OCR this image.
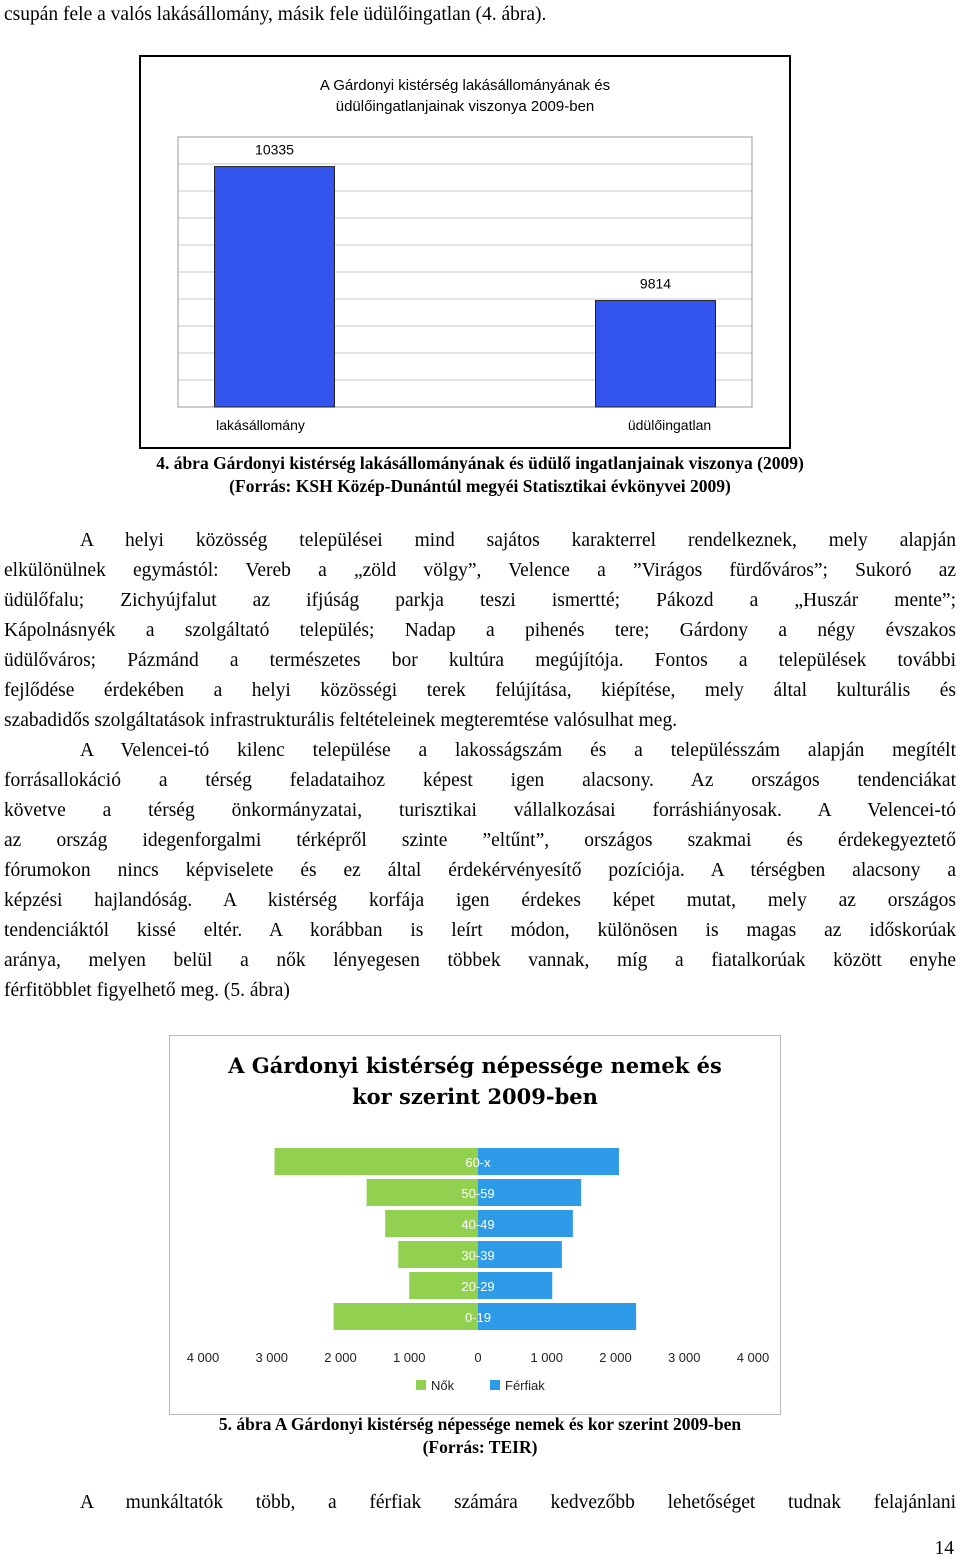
csupán fele a valós lakásállomány, másik fele üdülőingatlan (4. ábra).
A Gárdonyi kistérség lakásállományának és
üdülőingatlanjainak viszonya 2009-ben
10335
lakásállomány
9814
üdülőingatlan
4. ábra Gárdonyi kistérség lakásállományának és üdülő ingatlanjainak viszonya (2009)
(Forrás: KSH Közép-Dunántúl megyéi Statisztikai évkönyvei 2009)
A helyi közösség települései mind sajátos karakterrel rendelkeznek, mely alapján
elkülönülnek egymástól: Vereb a „zöld völgy”, Velence a ”Virágos fürdőváros”; Sukoró az
üdülőfalu; Zichyújfalut az ifjúság parkja teszi ismertté; Pákozd a „Huszár mente”;
Kápolnásnyék a szolgáltató település; Nadap a pihenés tere; Gárdony a négy évszakos
üdülőváros; Pázmánd a természetes bor kultúra megújítója. Fontos a települések további
fejlődése érdekében a helyi közösségi terek felújítása, kiépítése, mely által kulturális és
szabadidős szolgáltatások infrastrukturális feltételeinek megteremtése valósulhat meg.
A Velencei-tó kilenc települése a lakosságszám és a településszám alapján megítélt
forrásallokáció a térség feladataihoz képest igen alacsony. Az országos tendenciákat
követve a térség önkormányzatai, turisztikai vállalkozásai forráshiányosak. A Velencei-tó
az ország idegenforgalmi térképről szinte ”eltűnt”, országos szakmai és érdekegyeztető
fórumokon nincs képviselete és ez által érdekérvényesítő pozíciója. A térségben alacsony a
képzési hajlandóság. A kistérség korfája igen érdekes képet mutat, mely az országos
tendenciáktól kissé eltér. A korábban is leírt módon, különösen is magas az időskorúak
aránya, melyen belül a nők lényegesen többek vannak, míg a fiatalkorúak között enyhe
férfitöbblet figyelhető meg. (5. ábra)
A Gárdonyi kistérség népessége nemek és
kor szerint 2009-ben
0-19
20-29
30-39
40-49
50-59
60-x
4 000	3 000	2 000	1 000	0	1 000	2 000	3 000	4 000
Nők	Férfiak
5. ábra A Gárdonyi kistérség népessége nemek és kor szerint 2009-ben
(Forrás: TEIR)
A munkáltatók több, a férfiak számára kedvezőbb lehetőséget tudnak felajánlani
14
